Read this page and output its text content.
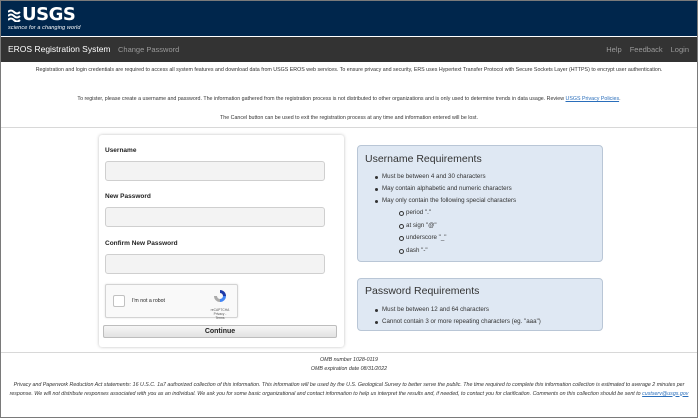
USGS
science for a changing world
EROS Registration System Change Password	Help Feedback Login
Registration and login credentials are required to access all system features and download data from USGS EROS web services. To ensure privacy and security, ERS uses Hypertext Transfer Protocol with Secure Sockets Layer (HTTPS) to encrypt user authentication.
To register, please create a username and password. The information gathered from the registration process is not distributed to other organizations and is only used to determine trends in data usage. Review USGS Privacy Policies.
The Cancel button can be used to exit the registration process at any time and information entered will be lost.
Username
New Password
Confirm New Password
I'm not a robot
reCAPTCHA
Privacy - Terms
Continue
Username Requirements
Must be between 4 and 30 characters
May contain alphabetic and numeric characters
May only contain the following special characters
period "."
at sign "@"
underscore "_"
dash "-"
Password Requirements
Must be between 12 and 64 characters
Cannot contain 3 or more repeating characters (eg. "aaa")
OMB number 1028-0119
OMB expiration date 08/31/2022
Privacy and Paperwork Reduction Act statements: 16 U.S.C. 1a7 authorized collection of this information. This information will be used by the U.S. Geological Survey to better serve the public. The time required to complete this information collection is estimated to average 2 minutes per response. We will not distribute responses associated with you as an individual. We ask you for some basic organizational and contact information to help us interpret the results and, if needed, to contact you for clarification. Comments on this collection should be sent to custserv@usgs.gov
